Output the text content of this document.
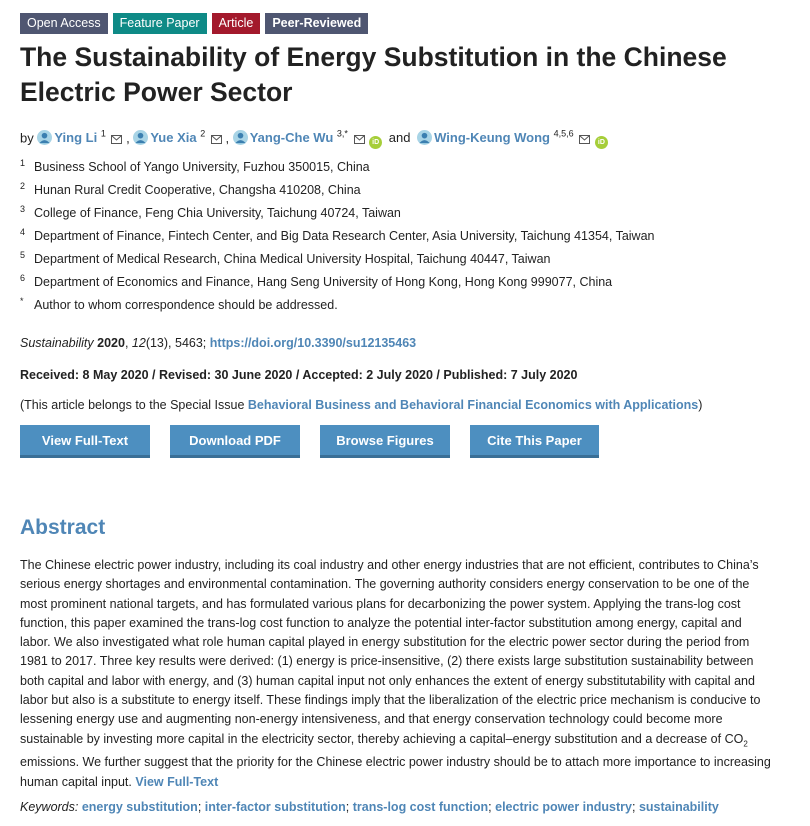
Open Access	Feature Paper	Article	Peer-Reviewed
The Sustainability of Energy Substitution in the Chinese Electric Power Sector
by Ying Li $^1$ , Yue Xia $^2$ , Yang-Che Wu $^{3,*}$  iD and Wing-Keung Wong $^{4,5,6}$  iD
1 Business School of Yango University, Fuzhou 350015, China
2 Hunan Rural Credit Cooperative, Changsha 410208, China
3 College of Finance, Feng Chia University, Taichung 40724, Taiwan
4 Department of Finance, Fintech Center, and Big Data Research Center, Asia University, Taichung 41354, Taiwan
5 Department of Medical Research, China Medical University Hospital, Taichung 40447, Taiwan
6 Department of Economics and Finance, Hang Seng University of Hong Kong, Hong Kong 999077, China
* Author to whom correspondence should be addressed.
Sustainability 2020, 12(13), 5463; https://doi.org/10.3390/su12135463
Received: 8 May 2020 / Revised: 30 June 2020 / Accepted: 2 July 2020 / Published: 7 July 2020
(This article belongs to the Special Issue Behavioral Business and Behavioral Financial Economics with Applications)
View Full-Text	Download PDF	Browse Figures	Cite This Paper
Abstract
The Chinese electric power industry, including its coal industry and other energy industries that are not efficient, contributes to China’s serious energy shortages and environmental contamination. The governing authority considers energy conservation to be one of the most prominent national targets, and has formulated various plans for decarbonizing the power system. Applying the trans-log cost function, this paper examined the trans-log cost function to analyze the potential inter-factor substitution among energy, capital and labor. We also investigated what role human capital played in energy substitution for the electric power sector during the period from 1981 to 2017. Three key results were derived: (1) energy is price-insensitive, (2) there exists large substitution sustainability between both capital and labor with energy, and (3) human capital input not only enhances the extent of energy substitutability with capital and labor but also is a substitute to energy itself. These findings imply that the liberalization of the electric price mechanism is conducive to lessening energy use and augmenting non-energy intensiveness, and that energy conservation technology could become more sustainable by investing more capital in the electricity sector, thereby achieving a capital–energy substitution and a decrease of $CO_2$ emissions. We further suggest that the priority for the Chinese electric power industry should be to attach more importance to increasing human capital input. View Full-Text
Keywords: energy substitution; inter-factor substitution; trans-log cost function; electric power industry; sustainability
